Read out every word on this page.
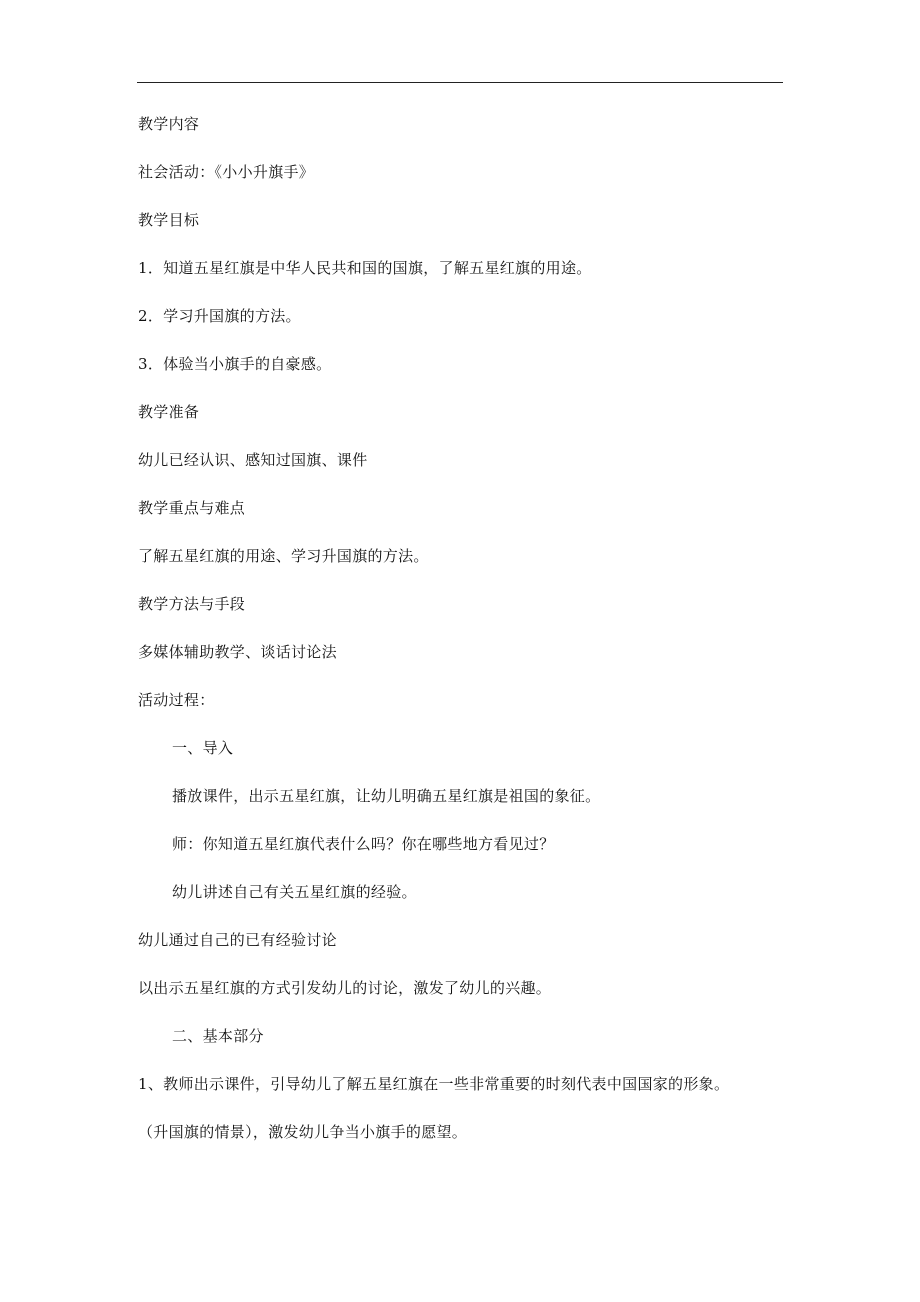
教学内容
社会活动：《小小升旗手》
教学目标
1．知道五星红旗是中华人民共和国的国旗，了解五星红旗的用途。
2．学习升国旗的方法。
3．体验当小旗手的自豪感。
教学准备
幼儿已经认识、感知过国旗、课件
教学重点与难点
了解五星红旗的用途、学习升国旗的方法。
教学方法与手段
多媒体辅助教学、谈话讨论法
活动过程：
一、导入
播放课件，出示五星红旗，让幼儿明确五星红旗是祖国的象征。
师：你知道五星红旗代表什么吗？你在哪些地方看见过？
幼儿讲述自己有关五星红旗的经验。
幼儿通过自己的已有经验讨论
以出示五星红旗的方式引发幼儿的讨论，激发了幼儿的兴趣。
二、基本部分
1、教师出示课件，引导幼儿了解五星红旗在一些非常重要的时刻代表中国国家的形象。
（升国旗的情景），激发幼儿争当小旗手的愿望。
